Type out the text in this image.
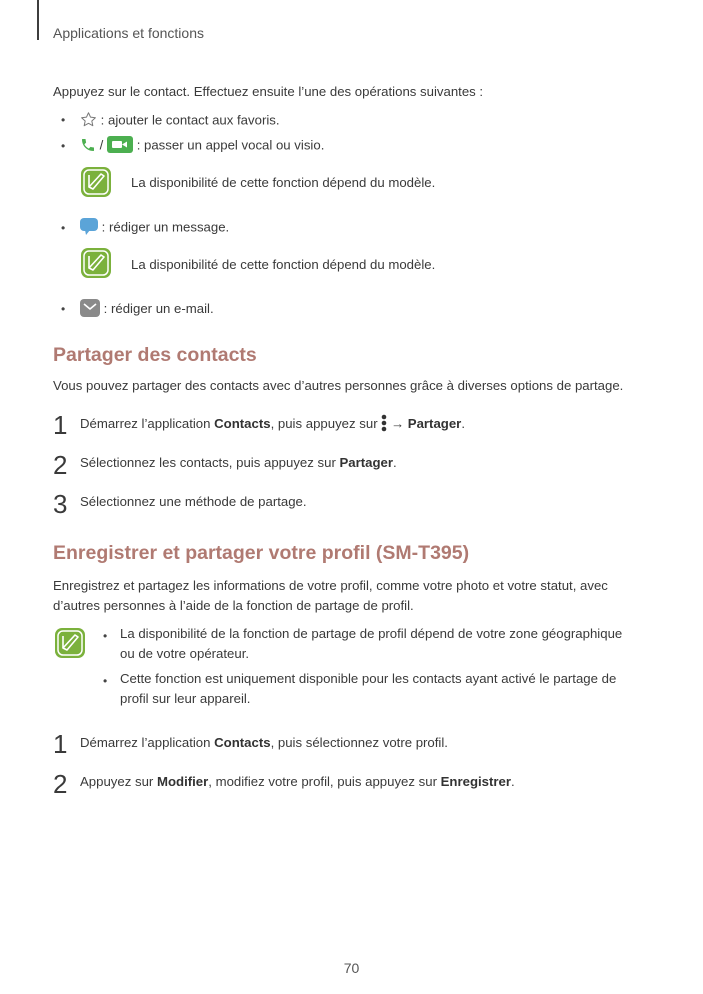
Applications et fonctions
Appuyez sur le contact. Effectuez ensuite l’une des opérations suivantes :
•	: ajouter le contact aux favoris.
•	/	: passer un appel vocal ou visio.
La disponibilité de cette fonction dépend du modèle.
•	: rédiger un message.
La disponibilité de cette fonction dépend du modèle.
•	: rédiger un e-mail.
Partager des contacts
Vous pouvez partager des contacts avec d’autres personnes grâce à diverses options de partage.
1 Démarrez l’application Contacts, puis appuyez sur  → Partager.
2 Sélectionnez les contacts, puis appuyez sur Partager.
3 Sélectionnez une méthode de partage.
Enregistrer et partager votre profil (SM-T395)
Enregistrez et partagez les informations de votre profil, comme votre photo et votre statut, avec
d’autres personnes à l’aide de la fonction de partage de profil.
• La disponibilité de la fonction de partage de profil dépend de votre zone géographique
ou de votre opérateur.
• Cette fonction est uniquement disponible pour les contacts ayant activé le partage de
profil sur leur appareil.
1 Démarrez l’application Contacts, puis sélectionnez votre profil.
2 Appuyez sur Modifier, modifiez votre profil, puis appuyez sur Enregistrer.
70
